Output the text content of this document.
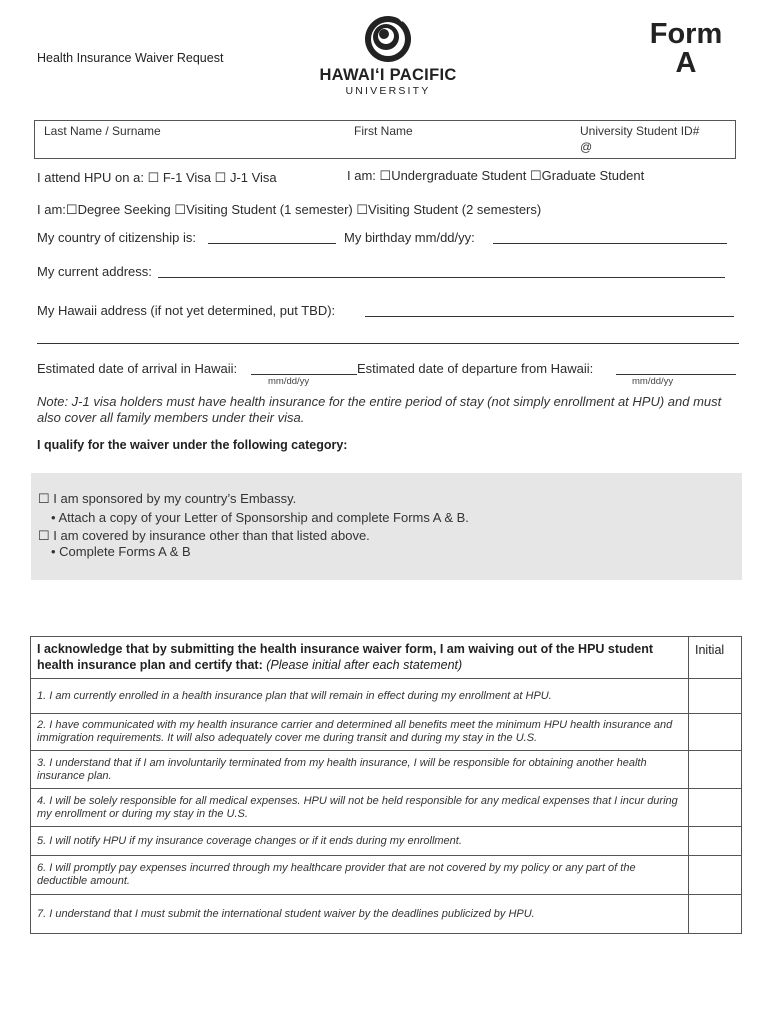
Health Insurance Waiver Request
HAWAIʻI PACIFIC
UNIVERSITY
Form
A
Last Name / Surname	First Name	University Student ID#
@
I attend HPU on a: ☐ F-1 Visa ☐ J-1 Visa	I am: ☐Undergraduate Student ☐Graduate Student
I am:☐Degree Seeking ☐Visiting Student (1 semester) ☐Visiting Student (2 semesters)
My country of citizenship is:	My birthday mm/dd/yy:
My current address:
My Hawaii address (if not yet determined, put TBD):
Estimated date of arrival in Hawaii:
mm/dd/yy
Estimated date of departure from Hawaii:
mm/dd/yy
Note: J-1 visa holders must have health insurance for the entire period of stay (not simply enrollment at HPU) and must also cover all family members under their visa.
I qualify for the waiver under the following category:
☐ I am sponsored by my country’s Embassy.
• Attach a copy of your Letter of Sponsorship and complete Forms A & B.
☐ I am covered by insurance other than that listed above.
• Complete Forms A & B
I acknowledge that by submitting the health insurance waiver form, I am waiving out of the HPU student health insurance plan and certify that: (Please initial after each statement)	Initial
1. I am currently enrolled in a health insurance plan that will remain in effect during my enrollment at HPU.	
2. I have communicated with my health insurance carrier and determined all benefits meet the minimum HPU health insurance and immigration requirements. It will also adequately cover me during transit and during my stay in the U.S.	
3. I understand that if I am involuntarily terminated from my health insurance, I will be responsible for obtaining another health insurance plan.	
4. I will be solely responsible for all medical expenses. HPU will not be held responsible for any medical expenses that I incur during my enrollment or during my stay in the U.S.	
5. I will notify HPU if my insurance coverage changes or if it ends during my enrollment.	
6. I will promptly pay expenses incurred through my healthcare provider that are not covered by my policy or any part of the deductible amount.	
7. I understand that I must submit the international student waiver by the deadlines publicized by HPU.	
